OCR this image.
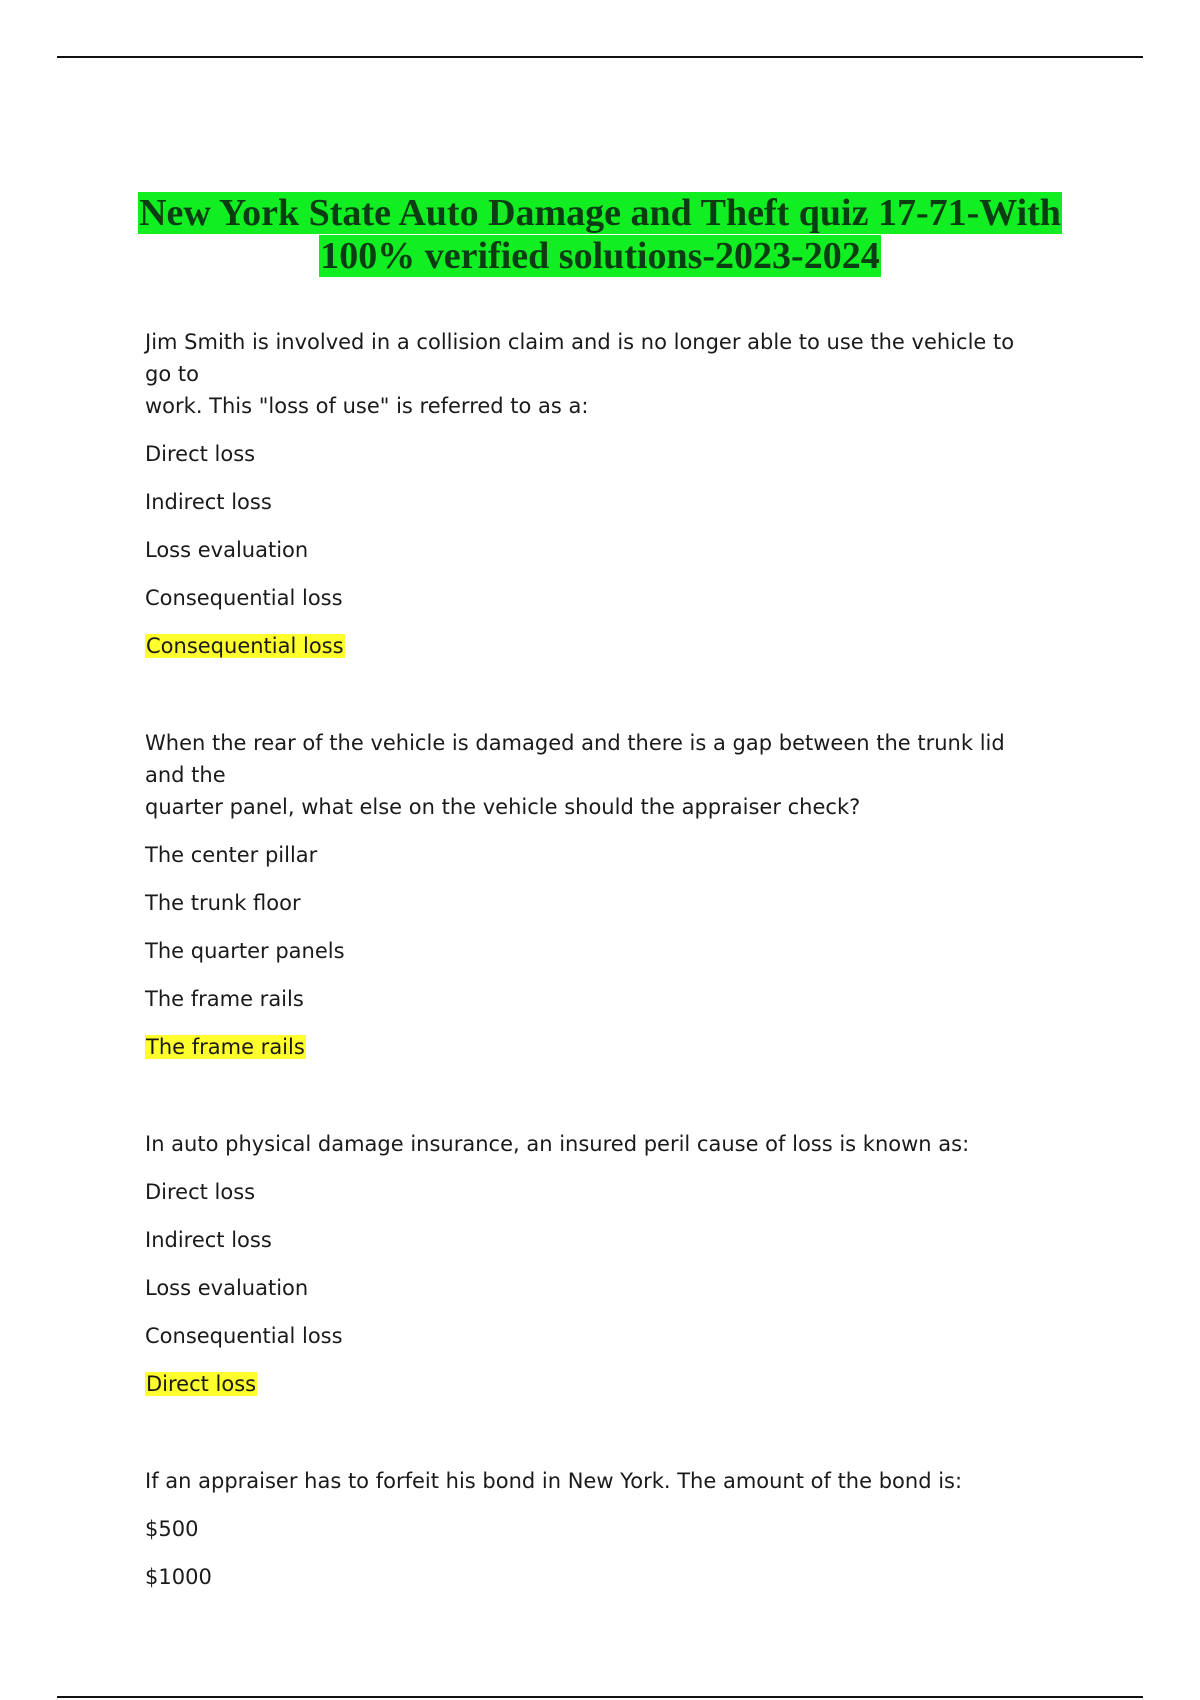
New York State Auto Damage and Theft quiz 17-71-With
100% verified solutions-2023-2024

Jim Smith is involved in a collision claim and is no longer able to use the vehicle to go to
work. This "loss of use" is referred to as a:

Direct loss

Indirect loss

Loss evaluation

Consequential loss

Consequential loss

When the rear of the vehicle is damaged and there is a gap between the trunk lid and the
quarter panel, what else on the vehicle should the appraiser check?

The center pillar

The trunk floor

The quarter panels

The frame rails

The frame rails

In auto physical damage insurance, an insured peril cause of loss is known as:

Direct loss

Indirect loss

Loss evaluation

Consequential loss

Direct loss

If an appraiser has to forfeit his bond in New York. The amount of the bond is:

$500

$1000
